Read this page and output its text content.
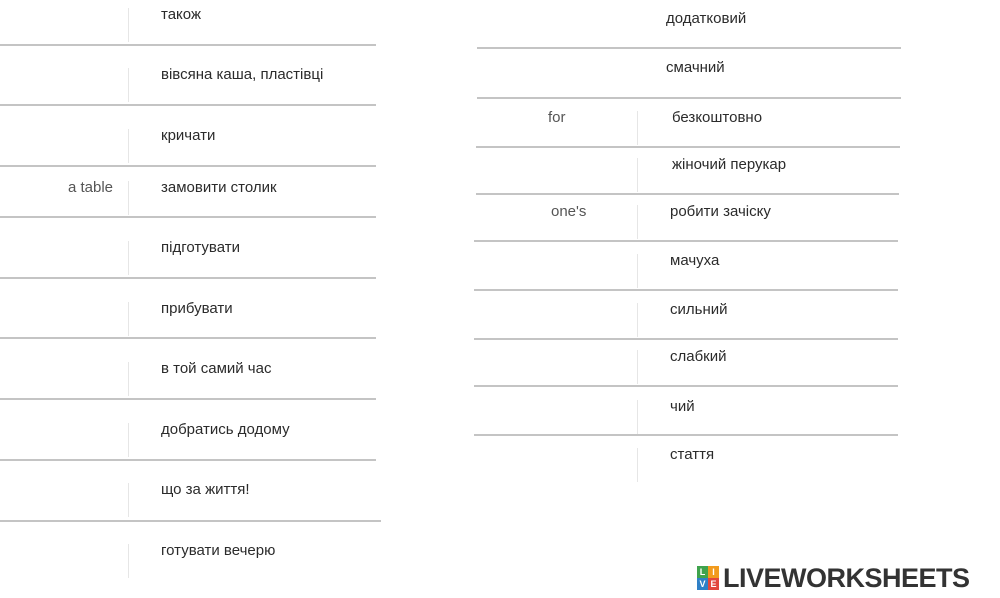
також
вівсяна каша, пластівці
кричати
a table	замовити столик
підготувати
прибувати
в той самий час
добратись додому
що за життя!
готувати вечерю
додатковий
смачний
for	безкоштовно
жіночий перукар
one's	робити зачіску
мачуха
сильний
слабкий
чий
стаття
L I
V E LIVEWORKSHEETS
